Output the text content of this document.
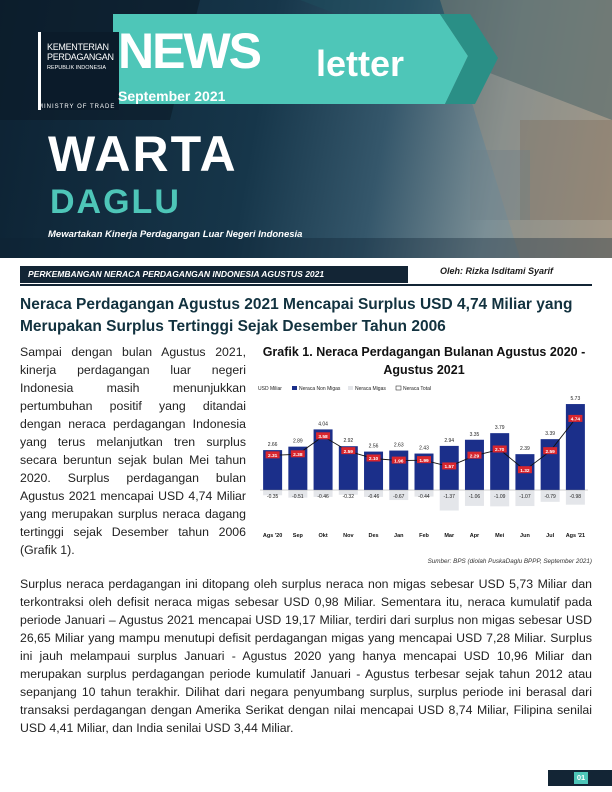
KEMENTERIAN
PERDAGANGAN
REPUBLIK INDONESIA
MINISTRY OF TRADE
NEWS letter
September 2021
WARTA
DAGLU
Mewartakan Kinerja Perdagangan Luar Negeri Indonesia
PERKEMBANGAN NERACA PERDAGANGAN INDONESIA AGUSTUS 2021	Oleh: Rizka Isditami Syarif
Neraca Perdagangan Agustus 2021 Mencapai Surplus USD 4,74 Miliar yang Merupakan Surplus Tertinggi Sejak Desember Tahun 2006
Sampai dengan bulan Agustus 2021, kinerja perdagangan luar negeri Indonesia masih menunjukkan pertumbuhan positif yang ditandai dengan neraca perdagangan Indonesia yang terus melanjutkan tren surplus secara beruntun sejak bulan Mei tahun 2020. Surplus perdagangan bulan Agustus 2021 mencapai USD 4,74 Miliar yang merupakan surplus neraca dagang tertinggi sejak Desember tahun 2006 (Grafik 1).
Grafik 1. Neraca Perdagangan Bulanan Agustus 2020 - Agustus 2021
USD Miliar	Neraca Non Migas	Neraca Migas	Neraca Total
2.66
-0.35
Ags '20
2.89
-0.51
Sep
4.04
-0.46
Okt
2.92
-0.32
Nov
2.56
-0.46
Des
2.63
-0.67
Jan
2.43
-0.44
Feb
2.94
-1.37
Mar
3.35
-1.06
Apr
3.79
-1.09
Mei
2.39
-1.07
Jun
3.39
-0.79
Jul
5.73
-0.98
Ags '21
2.31	2.38
3.58
2.59
2.10	1.96	1.99
1.57
2.29
2.70
1.32
2.59
4.74
Sumber: BPS (diolah PuskaDaglu BPPP, September 2021)
Surplus neraca perdagangan ini ditopang oleh surplus neraca non migas sebesar USD 5,73 Miliar dan terkontraksi oleh defisit neraca migas sebesar USD 0,98 Miliar. Sementara itu, neraca kumulatif pada periode Januari – Agustus 2021 mencapai USD 19,17 Miliar, terdiri dari surplus non migas sebesar USD 26,65 Miliar yang mampu menutupi defisit perdagangan migas yang mencapai USD 7,28 Miliar. Surplus ini jauh melampaui surplus Januari - Agustus 2020 yang hanya mencapai USD 10,96 Miliar dan merupakan surplus perdagangan periode kumulatif Januari - Agustus terbesar sejak tahun 2012 atau sepanjang 10 tahun terakhir. Dilihat dari negara penyumbang surplus, surplus periode ini berasal dari transaksi perdagangan dengan Amerika Serikat dengan nilai mencapai USD 8,74 Miliar, Filipina senilai USD 4,41 Miliar, dan India senilai USD 3,44 Miliar.
01
